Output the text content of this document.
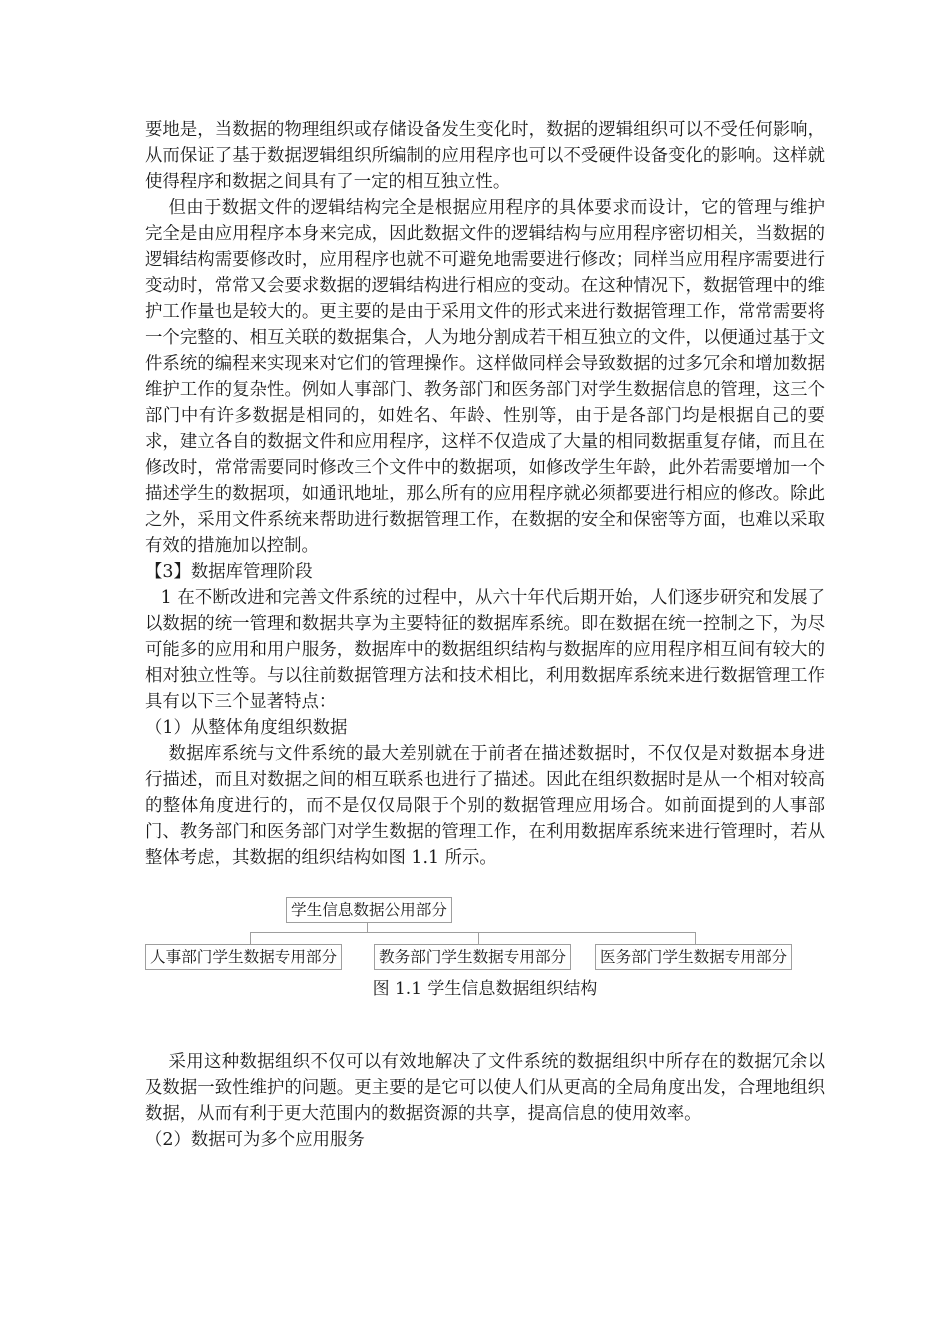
要地是，当数据的物理组织或存储设备发生变化时，数据的逻辑组织可以不受任何影响，从而保证了基于数据逻辑组织所编制的应用程序也可以不受硬件设备变化的影响。这样就使得程序和数据之间具有了一定的相互独立性。

但由于数据文件的逻辑结构完全是根据应用程序的具体要求而设计，它的管理与维护完全是由应用程序本身来完成，因此数据文件的逻辑结构与应用程序密切相关，当数据的逻辑结构需要修改时，应用程序也就不可避免地需要进行修改；同样当应用程序需要进行变动时，常常又会要求数据的逻辑结构进行相应的变动。在这种情况下，数据管理中的维护工作量也是较大的。更主要的是由于采用文件的形式来进行数据管理工作，常常需要将一个完整的、相互关联的数据集合，人为地分割成若干相互独立的文件，以便通过基于文件系统的编程来实现来对它们的管理操作。这样做同样会导致数据的过多冗余和增加数据维护工作的复杂性。例如人事部门、教务部门和医务部门对学生数据信息的管理，这三个部门中有许多数据是相同的，如姓名、年龄、性别等，由于是各部门均是根据自己的要求，建立各自的数据文件和应用程序，这样不仅造成了大量的相同数据重复存储，而且在修改时，常常需要同时修改三个文件中的数据项，如修改学生年龄，此外若需要增加一个描述学生的数据项，如通讯地址，那么所有的应用程序就必须都要进行相应的修改。除此之外，采用文件系统来帮助进行数据管理工作，在数据的安全和保密等方面，也难以采取有效的措施加以控制。

【3】数据库管理阶段

1 在不断改进和完善文件系统的过程中，从六十年代后期开始，人们逐步研究和发展了以数据的统一管理和数据共享为主要特征的数据库系统。即在数据在统一控制之下，为尽可能多的应用和用户服务，数据库中的数据组织结构与数据库的应用程序相互间有较大的相对独立性等。与以往前数据管理方法和技术相比，利用数据库系统来进行数据管理工作具有以下三个显著特点：

（1）从整体角度组织数据

数据库系统与文件系统的最大差别就在于前者在描述数据时，不仅仅是对数据本身进行描述，而且对数据之间的相互联系也进行了描述。因此在组织数据时是从一个相对较高的整体角度进行的，而不是仅仅局限于个别的数据管理应用场合。如前面提到的人事部门、教务部门和医务部门对学生数据的管理工作，在利用数据库系统来进行管理时，若从整体考虑，其数据的组织结构如图 1.1 所示。

学生信息数据公用部分
人事部门学生数据专用部分	教务部门学生数据专用部分	医务部门学生数据专用部分
图 1.1 学生信息数据组织结构

采用这种数据组织不仅可以有效地解决了文件系统的数据组织中所存在的数据冗余以及数据一致性维护的问题。更主要的是它可以使人们从更高的全局角度出发，合理地组织数据，从而有利于更大范围内的数据资源的共享，提高信息的使用效率。

（2）数据可为多个应用服务
